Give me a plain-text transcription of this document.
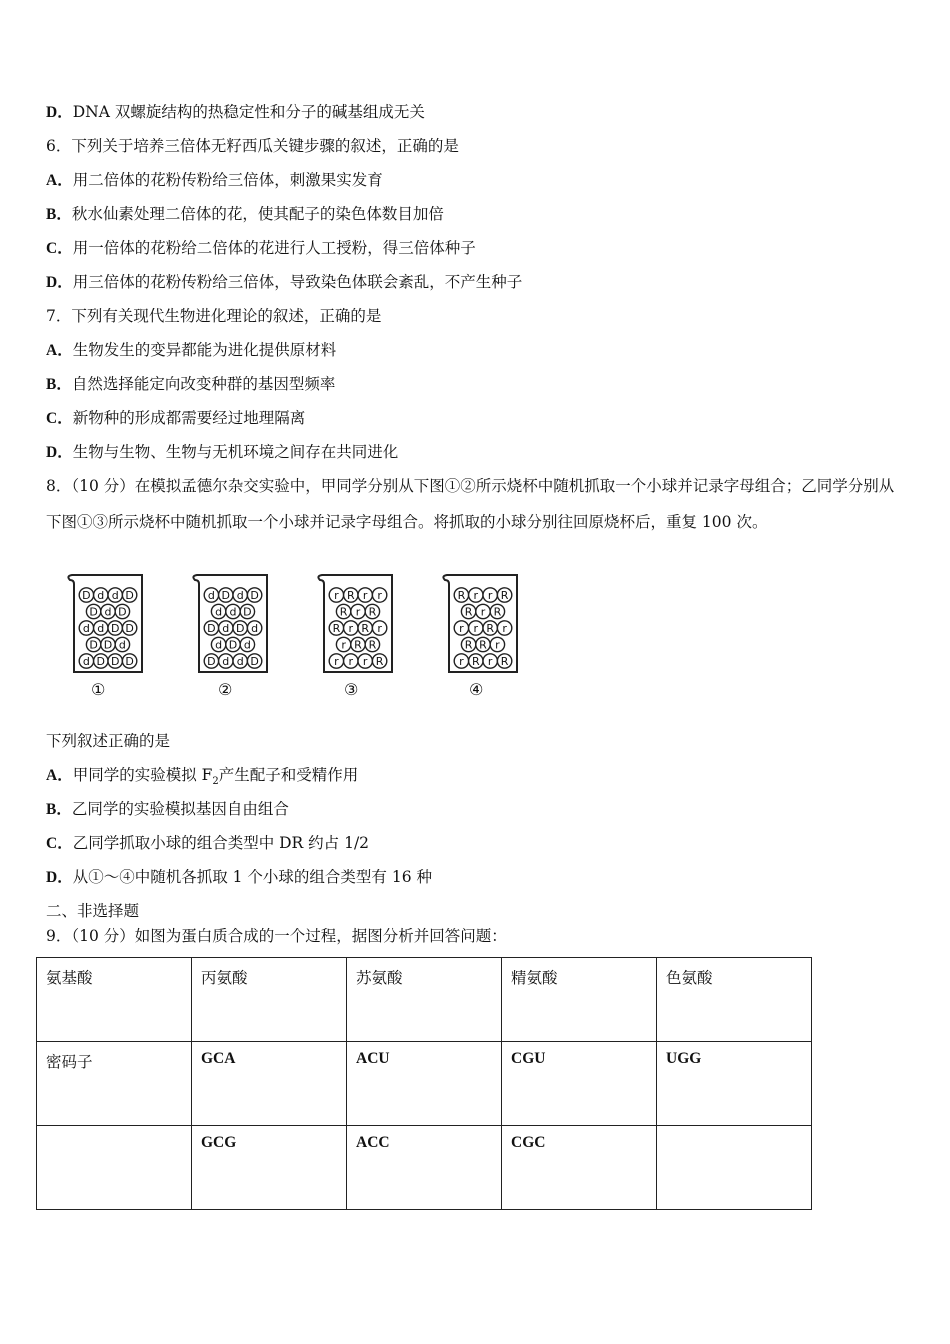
D．DNA 双螺旋结构的热稳定性和分子的碱基组成无关
6．下列关于培养三倍体无籽西瓜关键步骤的叙述，正确的是
A．用二倍体的花粉传粉给三倍体，刺激果实发育
B．秋水仙素处理二倍体的花，使其配子的染色体数目加倍
C．用一倍体的花粉给二倍体的花进行人工授粉，得三倍体种子
D．用三倍体的花粉传粉给三倍体，导致染色体联会紊乱，不产生种子
7．下列有关现代生物进化理论的叙述，正确的是
A．生物发生的变异都能为进化提供原材料
B．自然选择能定向改变种群的基因型频率
C．新物种的形成都需要经过地理隔离
D．生物与生物、生物与无机环境之间存在共同进化
8．（10 分）在模拟孟德尔杂交实验中，甲同学分别从下图①②所示烧杯中随机抓取一个小球并记录字母组合；乙同学分别从下图①③所示烧杯中随机抓取一个小球并记录字母组合。将抓取的小球分别往回原烧杯后，重复 100 次。
D d d D
D d D
d d D D
D D d
d D D D
d D d D
d d D
D d D d
d D d
D d d D
r R r r
R r R
R r R r
r R R
r r r R
R r r R
R r R
r r R r
R R r
r R r R
①	②	③	④
下列叙述正确的是
A．甲同学的实验模拟 $F_2$产生配子和受精作用
B．乙同学的实验模拟基因自由组合
C．乙同学抓取小球的组合类型中 DR 约占 1/2
D．从①～④中随机各抓取 1 个小球的组合类型有 16 种
二、非选择题
9．（10 分）如图为蛋白质合成的一个过程，据图分析并回答问题：
氨基酸	丙氨酸	苏氨酸	精氨酸	色氨酸
密码子	GCA	ACU	CGU	UGG
	GCG	ACC	CGC	
